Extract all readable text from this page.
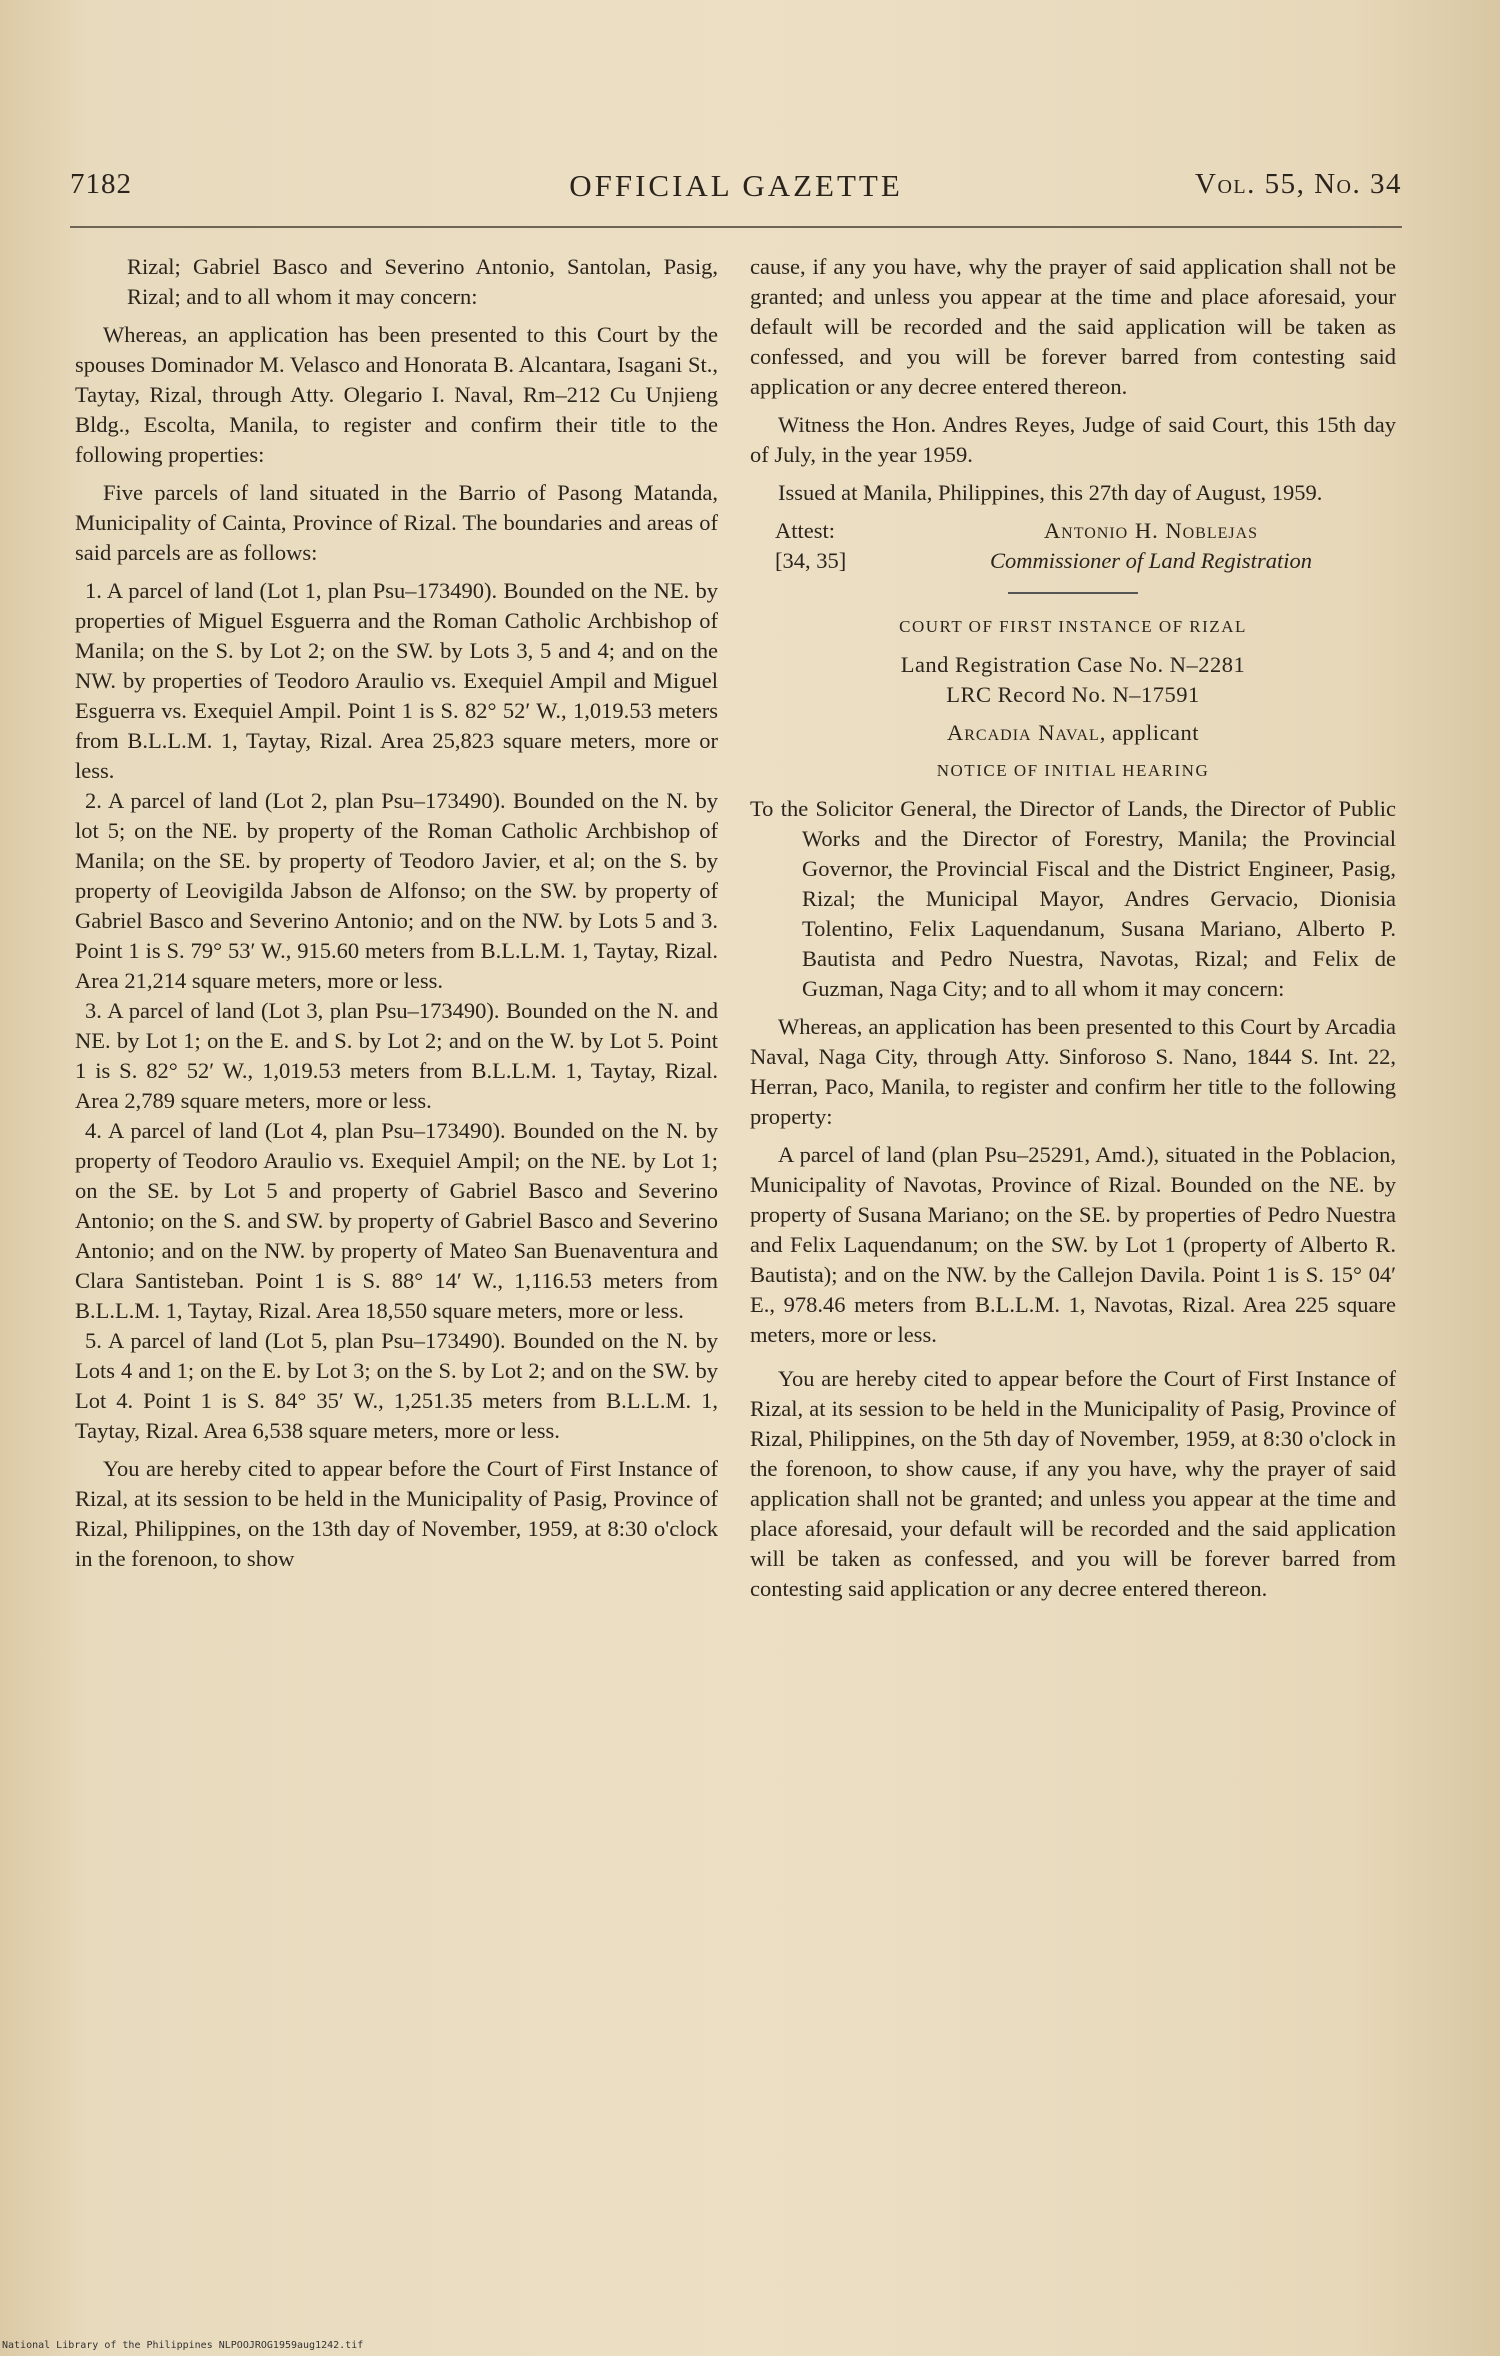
7182	OFFICIAL GAZETTE	Vol. 55, No. 34

Rizal; Gabriel Basco and Severino Antonio, Santolan, Pasig, Rizal; and to all whom it may concern:

Whereas, an application has been presented to this Court by the spouses Dominador M. Velasco and Honorata B. Alcantara, Isagani St., Taytay, Rizal, through Atty. Olegario I. Naval, Rm–212 Cu Unjieng Bldg., Escolta, Manila, to register and confirm their title to the following properties:

Five parcels of land situated in the Barrio of Pasong Matanda, Municipality of Cainta, Province of Rizal. The boundaries and areas of said parcels are as follows:

1. A parcel of land (Lot 1, plan Psu–173490). Bounded on the NE. by properties of Miguel Esguerra and the Roman Catholic Archbishop of Manila; on the S. by Lot 2; on the SW. by Lots 3, 5 and 4; and on the NW. by properties of Teodoro Araulio vs. Exequiel Ampil and Miguel Esguerra vs. Exequiel Ampil. Point 1 is S. 82° 52′ W., 1,019.53 meters from B.L.L.M. 1, Taytay, Rizal. Area 25,823 square meters, more or less.

2. A parcel of land (Lot 2, plan Psu–173490). Bounded on the N. by lot 5; on the NE. by property of the Roman Catholic Archbishop of Manila; on the SE. by property of Teodoro Javier, et al; on the S. by property of Leovigilda Jabson de Alfonso; on the SW. by property of Gabriel Basco and Severino Antonio; and on the NW. by Lots 5 and 3. Point 1 is S. 79° 53′ W., 915.60 meters from B.L.L.M. 1, Taytay, Rizal. Area 21,214 square meters, more or less.

3. A parcel of land (Lot 3, plan Psu–173490). Bounded on the N. and NE. by Lot 1; on the E. and S. by Lot 2; and on the W. by Lot 5. Point 1 is S. 82° 52′ W., 1,019.53 meters from B.L.L.M. 1, Taytay, Rizal. Area 2,789 square meters, more or less.

4. A parcel of land (Lot 4, plan Psu–173490). Bounded on the N. by property of Teodoro Araulio vs. Exequiel Ampil; on the NE. by Lot 1; on the SE. by Lot 5 and property of Gabriel Basco and Severino Antonio; on the S. and SW. by property of Gabriel Basco and Severino Antonio; and on the NW. by property of Mateo San Buenaventura and Clara Santisteban. Point 1 is S. 88° 14′ W., 1,116.53 meters from B.L.L.M. 1, Taytay, Rizal. Area 18,550 square meters, more or less.

5. A parcel of land (Lot 5, plan Psu–173490). Bounded on the N. by Lots 4 and 1; on the E. by Lot 3; on the S. by Lot 2; and on the SW. by Lot 4. Point 1 is S. 84° 35′ W., 1,251.35 meters from B.L.L.M. 1, Taytay, Rizal. Area 6,538 square meters, more or less.

You are hereby cited to appear before the Court of First Instance of Rizal, at its session to be held in the Municipality of Pasig, Province of Rizal, Philippines, on the 13th day of November, 1959, at 8:30 o'clock in the forenoon, to show

cause, if any you have, why the prayer of said application shall not be granted; and unless you appear at the time and place aforesaid, your default will be recorded and the said application will be taken as confessed, and you will be forever barred from contesting said application or any decree entered thereon.

Witness the Hon. Andres Reyes, Judge of said Court, this 15th day of July, in the year 1959.

Issued at Manila, Philippines, this 27th day of August, 1959.

Attest:	Antonio H. Noblejas
[34, 35]	Commissioner of Land Registration

COURT OF FIRST INSTANCE OF RIZAL

Land Registration Case No. N–2281

LRC Record No. N–17591

Arcadia Naval, applicant

NOTICE OF INITIAL HEARING

To the Solicitor General, the Director of Lands, the Director of Public Works and the Director of Forestry, Manila; the Provincial Governor, the Provincial Fiscal and the District Engineer, Pasig, Rizal; the Municipal Mayor, Andres Gervacio, Dionisia Tolentino, Felix Laquendanum, Susana Mariano, Alberto P. Bautista and Pedro Nuestra, Navotas, Rizal; and Felix de Guzman, Naga City; and to all whom it may concern:

Whereas, an application has been presented to this Court by Arcadia Naval, Naga City, through Atty. Sinforoso S. Nano, 1844 S. Int. 22, Herran, Paco, Manila, to register and confirm her title to the following property:

A parcel of land (plan Psu–25291, Amd.), situated in the Poblacion, Municipality of Navotas, Province of Rizal. Bounded on the NE. by property of Susana Mariano; on the SE. by properties of Pedro Nuestra and Felix Laquendanum; on the SW. by Lot 1 (property of Alberto R. Bautista); and on the NW. by the Callejon Davila. Point 1 is S. 15° 04′ E., 978.46 meters from B.L.L.M. 1, Navotas, Rizal. Area 225 square meters, more or less.

You are hereby cited to appear before the Court of First Instance of Rizal, at its session to be held in the Municipality of Pasig, Province of Rizal, Philippines, on the 5th day of November, 1959, at 8:30 o'clock in the forenoon, to show cause, if any you have, why the prayer of said application shall not be granted; and unless you appear at the time and place aforesaid, your default will be recorded and the said application will be taken as confessed, and you will be forever barred from contesting said application or any decree entered thereon.

National Library of the Philippines NLPOOJROG1959aug1242.tif
